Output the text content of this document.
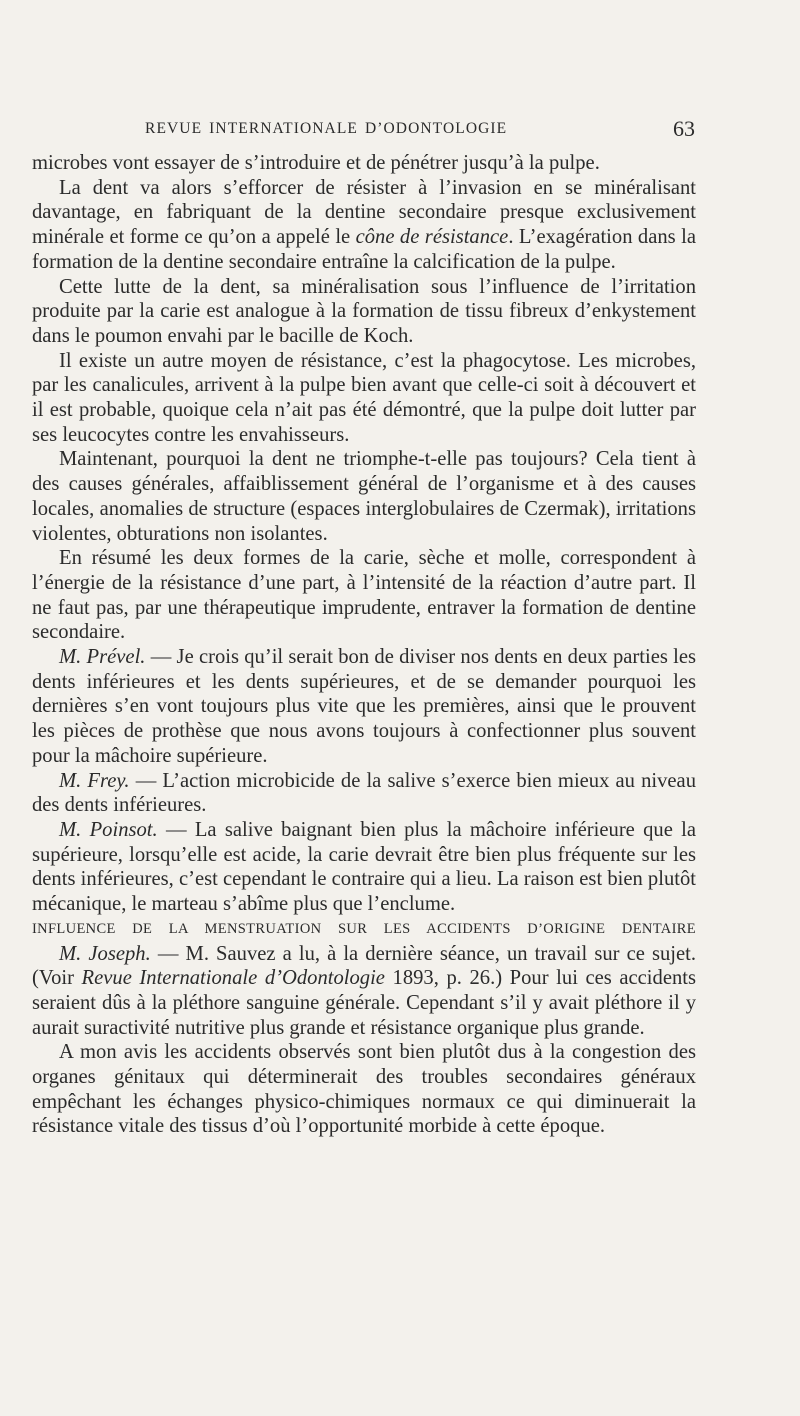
REVUE INTERNATIONALE D’ODONTOLOGIE	63

microbes vont essayer de s’introduire et de pénétrer jusqu’à la pulpe.

La dent va alors s’efforcer de résister à l’invasion en se minéralisant davantage, en fabriquant de la dentine secondaire presque exclusivement minérale et forme ce qu’on a appelé le cône de résistance. L’exagération dans la formation de la dentine secondaire entraîne la calcification de la pulpe.

Cette lutte de la dent, sa minéralisation sous l’influence de l’irritation produite par la carie est analogue à la formation de tissu fibreux d’enkystement dans le poumon envahi par le bacille de Koch.

Il existe un autre moyen de résistance, c’est la phagocytose. Les microbes, par les canalicules, arrivent à la pulpe bien avant que celle-ci soit à découvert et il est probable, quoique cela n’ait pas été démontré, que la pulpe doit lutter par ses leucocytes contre les envahisseurs.

Maintenant, pourquoi la dent ne triomphe-t-elle pas toujours? Cela tient à des causes générales, affaiblissement général de l’organisme et à des causes locales, anomalies de structure (espaces interglobulaires de Czermak), irritations violentes, obturations non isolantes.

En résumé les deux formes de la carie, sèche et molle, correspondent à l’énergie de la résistance d’une part, à l’intensité de la réaction d’autre part. Il ne faut pas, par une thérapeutique imprudente, entraver la formation de dentine secondaire.

M. Prével. — Je crois qu’il serait bon de diviser nos dents en deux parties les dents inférieures et les dents supérieures, et de se demander pourquoi les dernières s’en vont toujours plus vite que les premières, ainsi que le prouvent les pièces de prothèse que nous avons toujours à confectionner plus souvent pour la mâchoire supérieure.

M. Frey. — L’action microbicide de la salive s’exerce bien mieux au niveau des dents inférieures.

M. Poinsot. — La salive baignant bien plus la mâchoire inférieure que la supérieure, lorsqu’elle est acide, la carie devrait être bien plus fréquente sur les dents inférieures, c’est cependant le contraire qui a lieu. La raison est bien plutôt mécanique, le marteau s’abîme plus que l’enclume.

INFLUENCE DE LA MENSTRUATION SUR LES ACCIDENTS D’ORIGINE DENTAIRE

M. Joseph. — M. Sauvez a lu, à la dernière séance, un travail sur ce sujet. (Voir Revue Internationale d’Odontologie 1893, p. 26.) Pour lui ces accidents seraient dûs à la pléthore sanguine générale. Cependant s’il y avait pléthore il y aurait suractivité nutritive plus grande et résistance organique plus grande.

A mon avis les accidents observés sont bien plutôt dus à la congestion des organes génitaux qui déterminerait des troubles secondaires généraux empêchant les échanges physico-chimiques normaux ce qui diminuerait la résistance vitale des tissus d’où l’opportunité morbide à cette époque.
